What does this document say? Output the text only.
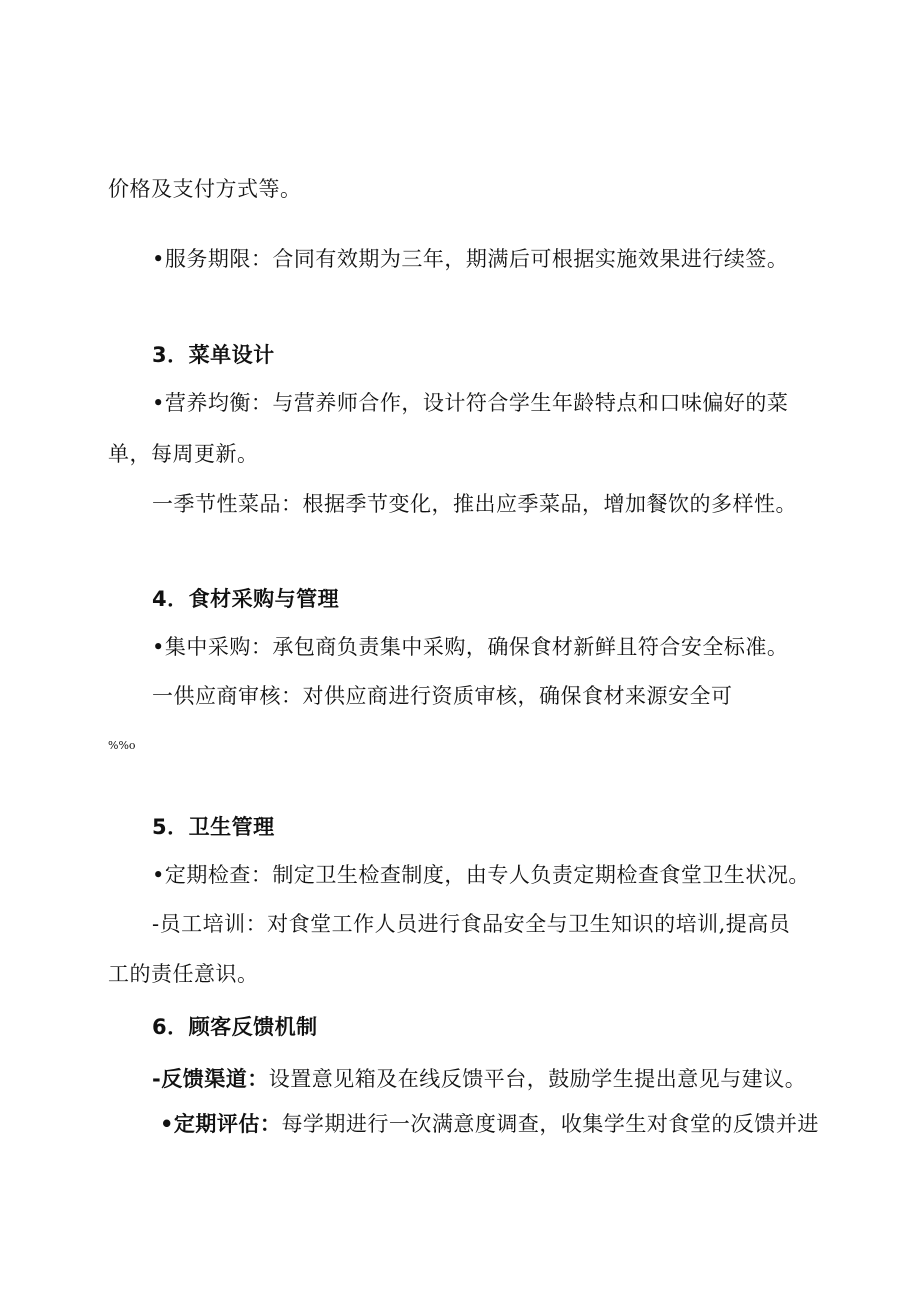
价格及支付方式等。
•服务期限：合同有效期为三年，期满后可根据实施效果进行续签。
3．菜单设计
•营养均衡：与营养师合作，设计符合学生年龄特点和口味偏好的菜
单，每周更新。
一季节性菜品：根据季节变化，推出应季菜品，增加餐饮的多样性。
4．食材采购与管理
•集中采购：承包商负责集中采购，确保食材新鲜且符合安全标准。
一供应商审核：对供应商进行资质审核，确保食材来源安全可
%%o
5．卫生管理
•定期检查：制定卫生检查制度，由专人负责定期检查食堂卫生状况。
-员工培训：对食堂工作人员进行食品安全与卫生知识的培训,提高员
工的责任意识。
6．顾客反馈机制
-反馈渠道：设置意见箱及在线反馈平台，鼓励学生提出意见与建议。
•定期评估：每学期进行一次满意度调查，收集学生对食堂的反馈并进
